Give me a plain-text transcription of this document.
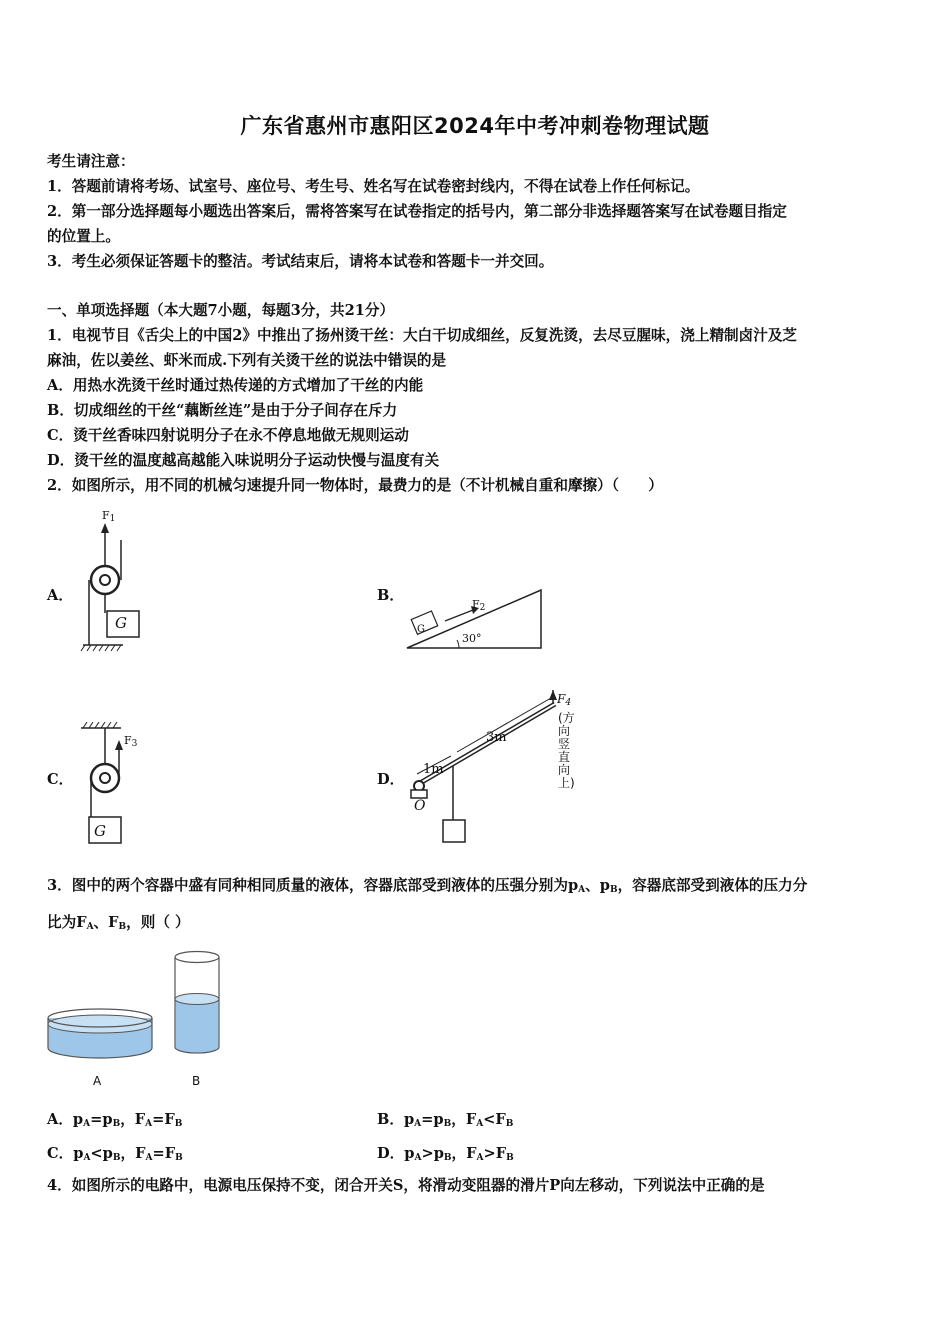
广东省惠州市惠阳区2024年中考冲刺卷物理试题
考生请注意：
1．答题前请将考场、试室号、座位号、考生号、姓名写在试卷密封线内，不得在试卷上作任何标记。
2．第一部分选择题每小题选出答案后，需将答案写在试卷指定的括号内，第二部分非选择题答案写在试卷题目指定
的位置上。
3．考生必须保证答题卡的整洁。考试结束后，请将本试卷和答题卡一并交回。
一、单项选择题（本大题7小题，每题3分，共21分）
1．电视节目《舌尖上的中国2》中推出了扬州烫干丝：大白干切成细丝，反复洗烫，去尽豆腥味，浇上精制卤汁及芝
麻油，佐以姜丝、虾米而成.下列有关烫干丝的说法中错误的是
A．用热水洗烫干丝时通过热传递的方式增加了干丝的内能
B．切成细丝的干丝“藕断丝连”是由于分子间存在斥力
C．烫干丝香味四射说明分子在永不停息地做无规则运动
D．烫干丝的温度越高越能入味说明分子运动快慢与温度有关
2．如图所示，用不同的机械匀速提升同一物体时，最费力的是（不计机械自重和摩擦）（　　）
A．	B．
C．	D．
$F_1$
G	G
$F_2$
30°
$F_3$
G
$F_4$
(方向竖直向上)
3m
1m
O
3．图中的两个容器中盛有同种相同质量的液体，容器底部受到液体的压强分别为$p_A$、$p_B$，容器底部受到液体的压力分
比为$F_A$、$F_B$，则（ ）
A	B
A．$p_A=p_B$，$F_A=F_B$	B．$p_A=p_B$，$F_A<F_B$
C．$p_A<p_B$，$F_A=F_B$	D．$p_A>p_B$，$F_A>F_B$
4．如图所示的电路中，电源电压保持不变，闭合开关S，将滑动变阻器的滑片P向左移动，下列说法中正确的是
